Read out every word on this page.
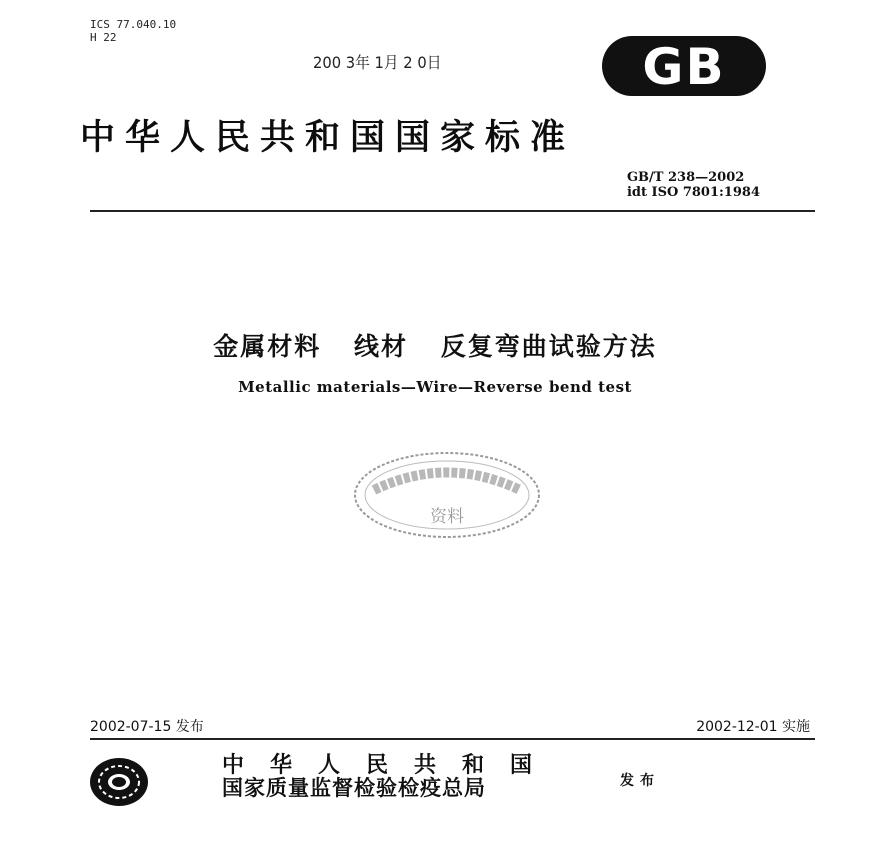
ICS 77.040.10
H 22
200 3年 1月 2 0日	GB
中华人民共和国国家标准
GB/T 238—2002
idt ISO 7801:1984
金属材料 线材 反复弯曲试验方法
Metallic materials—Wire—Reverse bend test
资料
2002-07-15 发布	2002-12-01 实施
中华人民共和国
国家质量监督检验检疫总局	发布
